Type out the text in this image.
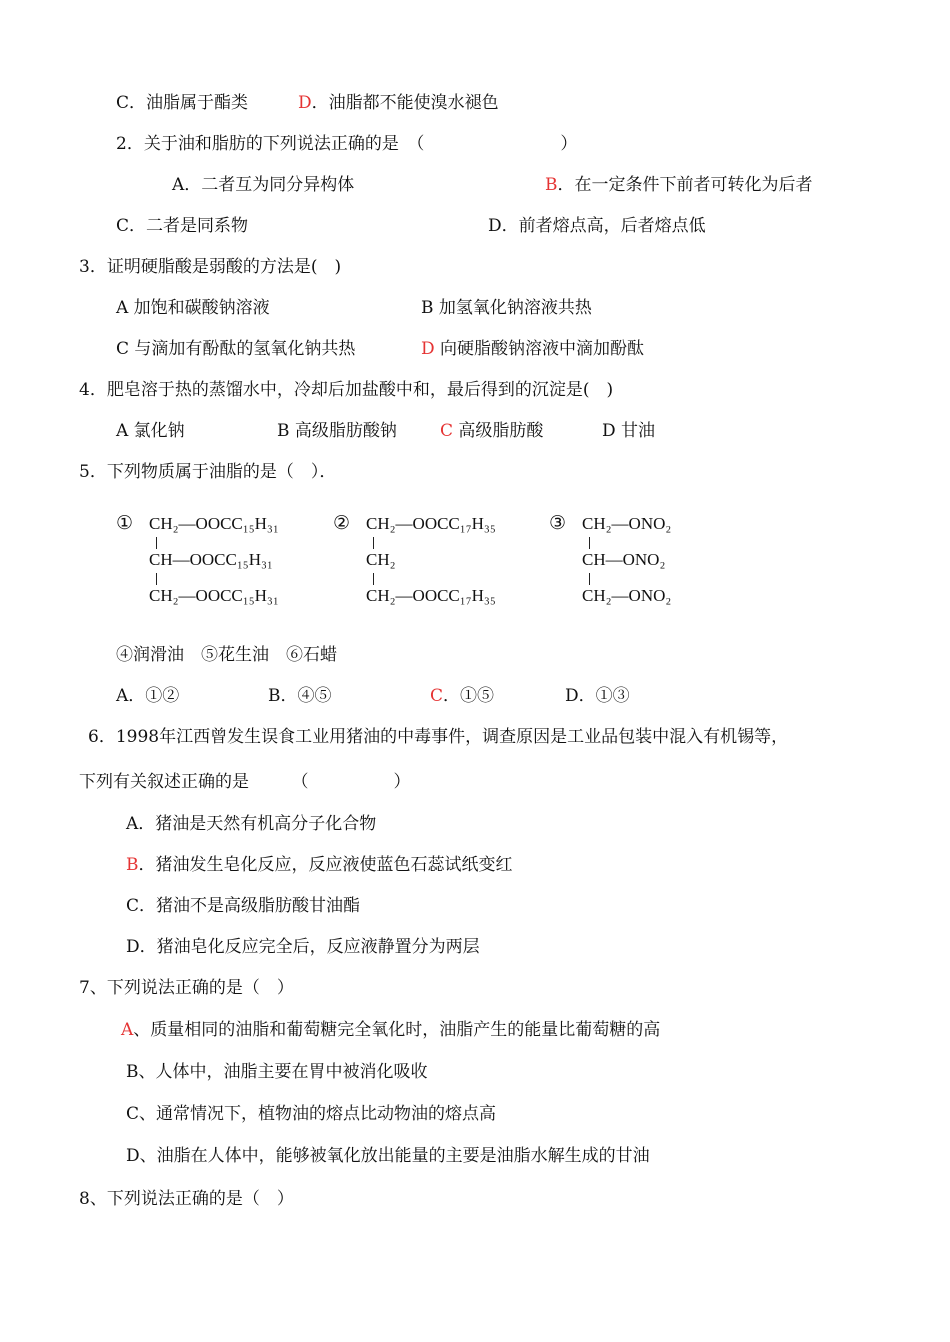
C．油脂属于酯类	D．油脂都不能使溴水褪色
2．关于油和脂肪的下列说法正确的是　（　　　　　　　　）
A．二者互为同分异构体	B．在一定条件下前者可转化为后者
C．二者是同系物	D．前者熔点高，后者熔点低
3．证明硬脂酸是弱酸的方法是(　)
A 加饱和碳酸钠溶液	B 加氢氧化钠溶液共热
C 与滴加有酚酞的氢氧化钠共热	D 向硬脂酸钠溶液中滴加酚酞
4．肥皂溶于热的蒸馏水中，冷却后加盐酸中和，最后得到的沉淀是(　)
A 氯化钠	B 高级脂肪酸钠	C 高级脂肪酸	D 甘油
5．下列物质属于油脂的是（　）．
① CH₂—OOCC₁₅H₃₁
CH—OOCC₁₅H₃₁
CH₂—OOCC₁₅H₃₁
② CH₂—OOCC₁₇H₃₅
CH₂
CH₂—OOCC₁₇H₃₅
③ CH₂—ONO₂
CH—ONO₂
CH₂—ONO₂
④润滑油　⑤花生油　⑥石蜡
A．①②	B．④⑤	C．①⑤	D．①③
6．1998年江西曾发生误食工业用猪油的中毒事件，调查原因是工业品包装中混入有机锡等，
下列有关叙述正确的是　　　（　　　　　）
A．猪油是天然有机高分子化合物
B．猪油发生皂化反应，反应液使蓝色石蕊试纸变红
C．猪油不是高级脂肪酸甘油酯
D．猪油皂化反应完全后，反应液静置分为两层
7、下列说法正确的是（　）
A、质量相同的油脂和葡萄糖完全氧化时，油脂产生的能量比葡萄糖的高
B、人体中，油脂主要在胃中被消化吸收
C、通常情况下，植物油的熔点比动物油的熔点高
D、油脂在人体中，能够被氧化放出能量的主要是油脂水解生成的甘油
8、下列说法正确的是（　）
